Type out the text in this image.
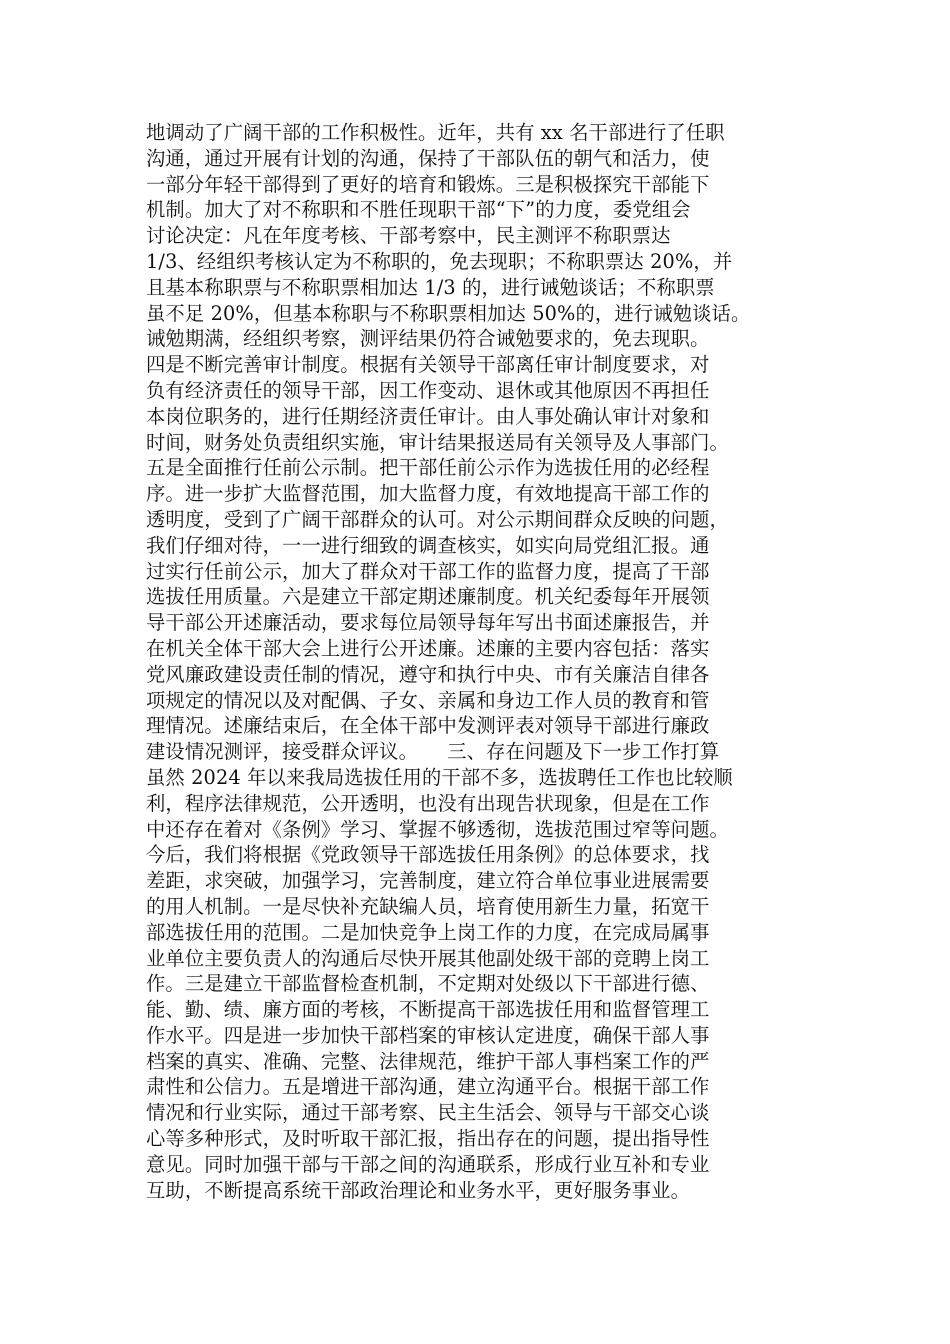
地调动了广阔干部的工作积极性。近年，共有 xx 名干部进行了任职
沟通，通过开展有计划的沟通，保持了干部队伍的朝气和活力，使
一部分年轻干部得到了更好的培育和锻炼。三是积极探究干部能下
机制。加大了对不称职和不胜任现职干部“下”的力度，委党组会
讨论决定：凡在年度考核、干部考察中，民主测评不称职票达
1/3、经组织考核认定为不称职的，免去现职；不称职票达 20%，并
且基本称职票与不称职票相加达 1/3 的，进行诫勉谈话；不称职票
虽不足 20%，但基本称职与不称职票相加达 50%的，进行诫勉谈话。
诫勉期满，经组织考察，测评结果仍符合诫勉要求的，免去现职。
四是不断完善审计制度。根据有关领导干部离任审计制度要求，对
负有经济责任的领导干部，因工作变动、退休或其他原因不再担任
本岗位职务的，进行任期经济责任审计。由人事处确认审计对象和
时间，财务处负责组织实施，审计结果报送局有关领导及人事部门。
五是全面推行任前公示制。把干部任前公示作为选拔任用的必经程
序。进一步扩大监督范围，加大监督力度，有效地提高干部工作的
透明度，受到了广阔干部群众的认可。对公示期间群众反映的问题，
我们仔细对待，一一进行细致的调查核实，如实向局党组汇报。通
过实行任前公示，加大了群众对干部工作的监督力度，提高了干部
选拔任用质量。六是建立干部定期述廉制度。机关纪委每年开展领
导干部公开述廉活动，要求每位局领导每年写出书面述廉报告，并
在机关全体干部大会上进行公开述廉。述廉的主要内容包括：落实
党风廉政建设责任制的情况，遵守和执行中央、市有关廉洁自律各
项规定的情况以及对配偶、子女、亲属和身边工作人员的教育和管
理情况。述廉结束后，在全体干部中发测评表对领导干部进行廉政
建设情况测评，接受群众评议。　　三、存在问题及下一步工作打算
虽然 2024 年以来我局选拔任用的干部不多，选拔聘任工作也比较顺
利，程序法律规范，公开透明，也没有出现告状现象，但是在工作
中还存在着对《条例》学习、掌握不够透彻，选拔范围过窄等问题。
今后，我们将根据《党政领导干部选拔任用条例》的总体要求，找
差距，求突破，加强学习，完善制度，建立符合单位事业进展需要
的用人机制。一是尽快补充缺编人员，培育使用新生力量，拓宽干
部选拔任用的范围。二是加快竞争上岗工作的力度，在完成局属事
业单位主要负责人的沟通后尽快开展其他副处级干部的竞聘上岗工
作。三是建立干部监督检查机制，不定期对处级以下干部进行德、
能、勤、绩、廉方面的考核，不断提高干部选拔任用和监督管理工
作水平。四是进一步加快干部档案的审核认定进度，确保干部人事
档案的真实、准确、完整、法律规范，维护干部人事档案工作的严
肃性和公信力。五是增进干部沟通，建立沟通平台。根据干部工作
情况和行业实际，通过干部考察、民主生活会、领导与干部交心谈
心等多种形式，及时听取干部汇报，指出存在的问题，提出指导性
意见。同时加强干部与干部之间的沟通联系，形成行业互补和专业
互助，不断提高系统干部政治理论和业务水平，更好服务事业。
